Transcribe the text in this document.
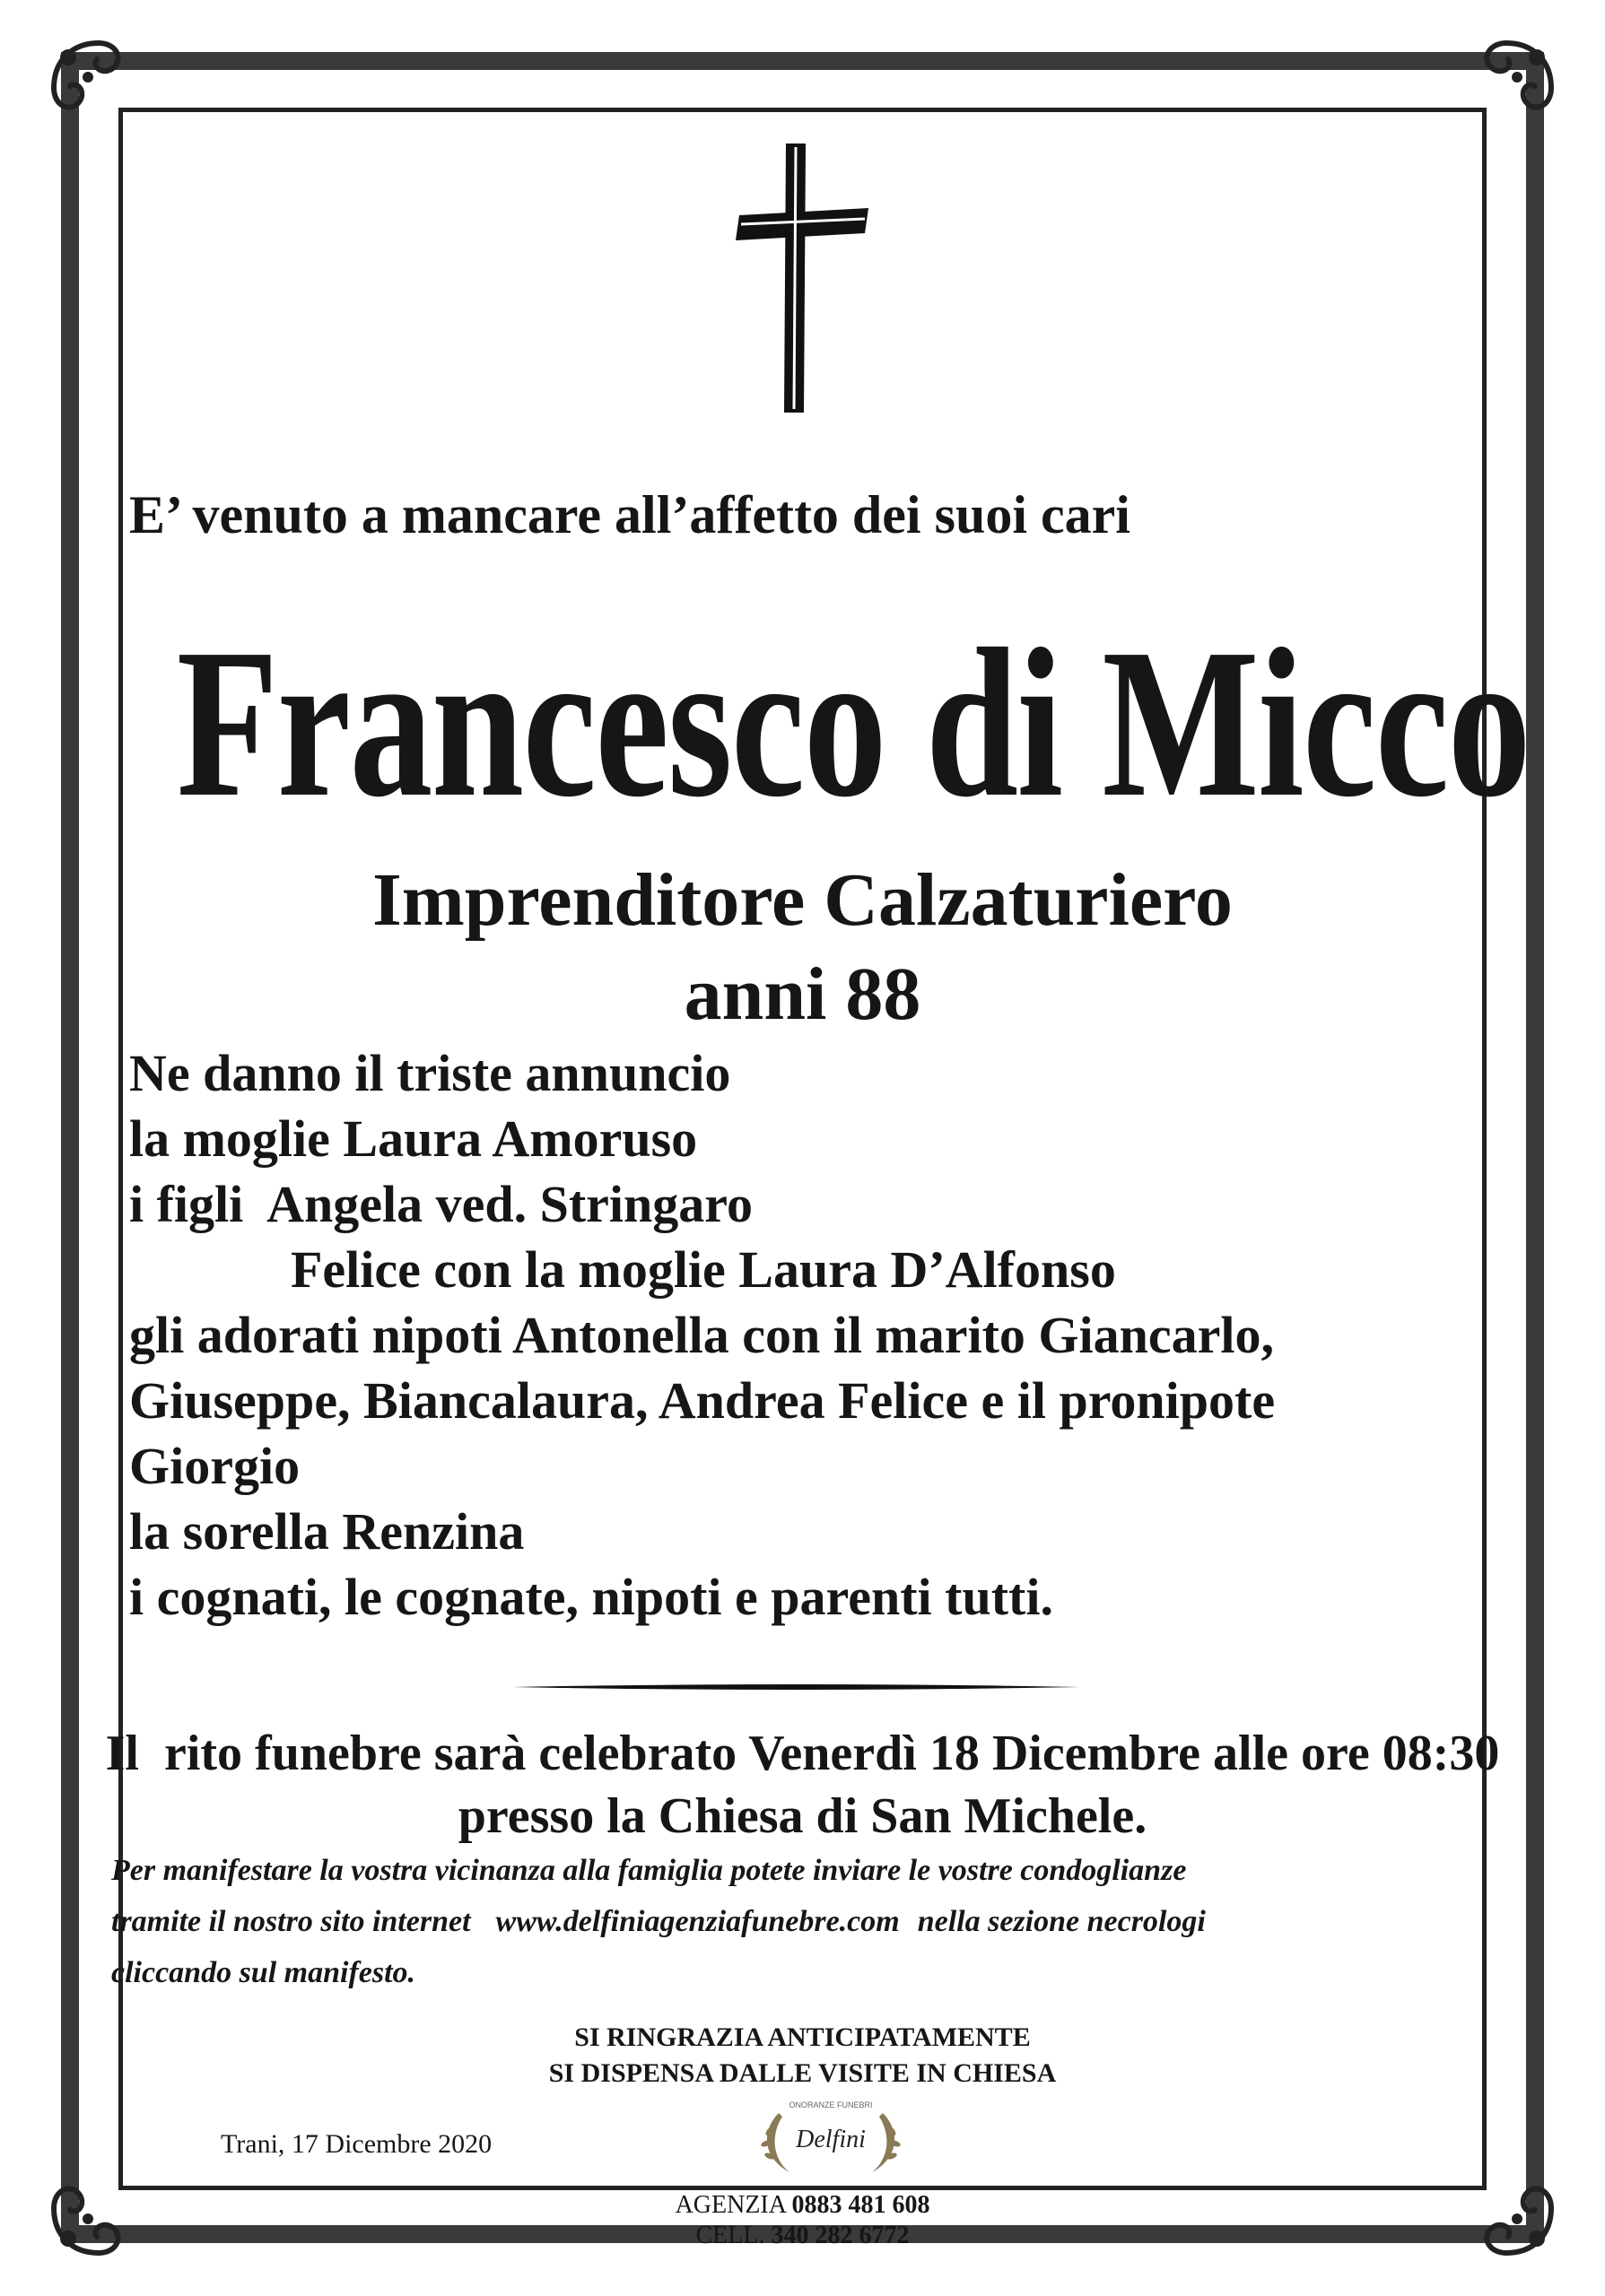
E’ venuto a mancare all’affetto dei suoi cari
Francesco di Micco
Imprenditore Calzaturiero
anni 88
Ne danno il triste annuncio
la moglie Laura Amoruso
i figli  Angela ved. Stringaro
Felice con la moglie Laura D’Alfonso
gli adorati nipoti Antonella con il marito Giancarlo,
Giuseppe, Biancalaura, Andrea Felice e il pronipote
Giorgio
la sorella Renzina
i cognati, le cognate, nipoti e parenti tutti.
Il  rito funebre sarà celebrato Venerdì 18 Dicembre alle ore 08:30
presso la Chiesa di San Michele.
Per manifestare la vostra vicinanza alla famiglia potete inviare le vostre condoglianze
tramite il nostro sito internet www.delfiniagenziafunebre.com nella sezione necrologi
cliccando sul manifesto.
SI RINGRAZIA ANTICIPATAMENTE
SI DISPENSA DALLE VISITE IN CHIESA
Trani, 17 Dicembre 2020
ONORANZE FUNEBRI
Delfini
AGENZIA 0883 481 608
CELL. 340 282 6772
